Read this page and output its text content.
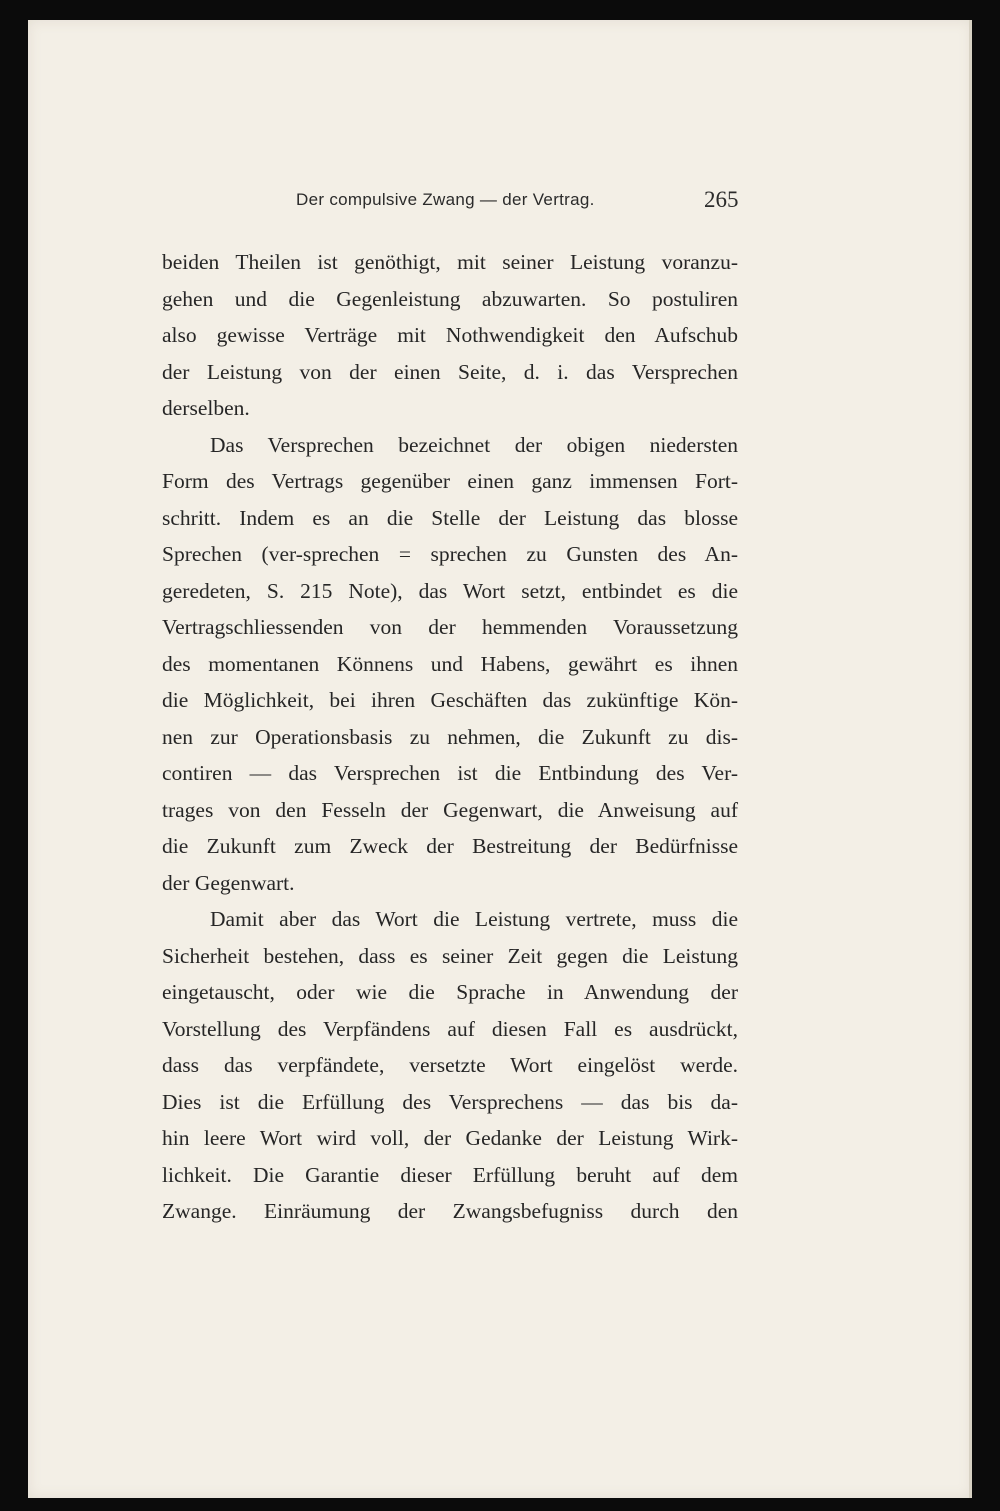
Der compulsive Zwang — der Vertrag.	265
beiden Theilen ist genöthigt, mit seiner Leistung voranzu-
gehen und die Gegenleistung abzuwarten. So postuliren
also gewisse Verträge mit Nothwendigkeit den Aufschub
der Leistung von der einen Seite, d. i. das Versprechen
derselben.
Das Versprechen bezeichnet der obigen niedersten
Form des Vertrags gegenüber einen ganz immensen Fort-
schritt. Indem es an die Stelle der Leistung das blosse
Sprechen (ver-sprechen = sprechen zu Gunsten des An-
geredeten, S. 215 Note), das Wort setzt, entbindet es die
Vertragschliessenden von der hemmenden Voraussetzung
des momentanen Könnens und Habens, gewährt es ihnen
die Möglichkeit, bei ihren Geschäften das zukünftige Kön-
nen zur Operationsbasis zu nehmen, die Zukunft zu dis-
contiren — das Versprechen ist die Entbindung des Ver-
trages von den Fesseln der Gegenwart, die Anweisung auf
die Zukunft zum Zweck der Bestreitung der Bedürfnisse
der Gegenwart.
Damit aber das Wort die Leistung vertrete, muss die
Sicherheit bestehen, dass es seiner Zeit gegen die Leistung
eingetauscht, oder wie die Sprache in Anwendung der
Vorstellung des Verpfändens auf diesen Fall es ausdrückt,
dass das verpfändete, versetzte Wort eingelöst werde.
Dies ist die Erfüllung des Versprechens — das bis da-
hin leere Wort wird voll, der Gedanke der Leistung Wirk-
lichkeit. Die Garantie dieser Erfüllung beruht auf dem
Zwange. Einräumung der Zwangsbefugniss durch den
